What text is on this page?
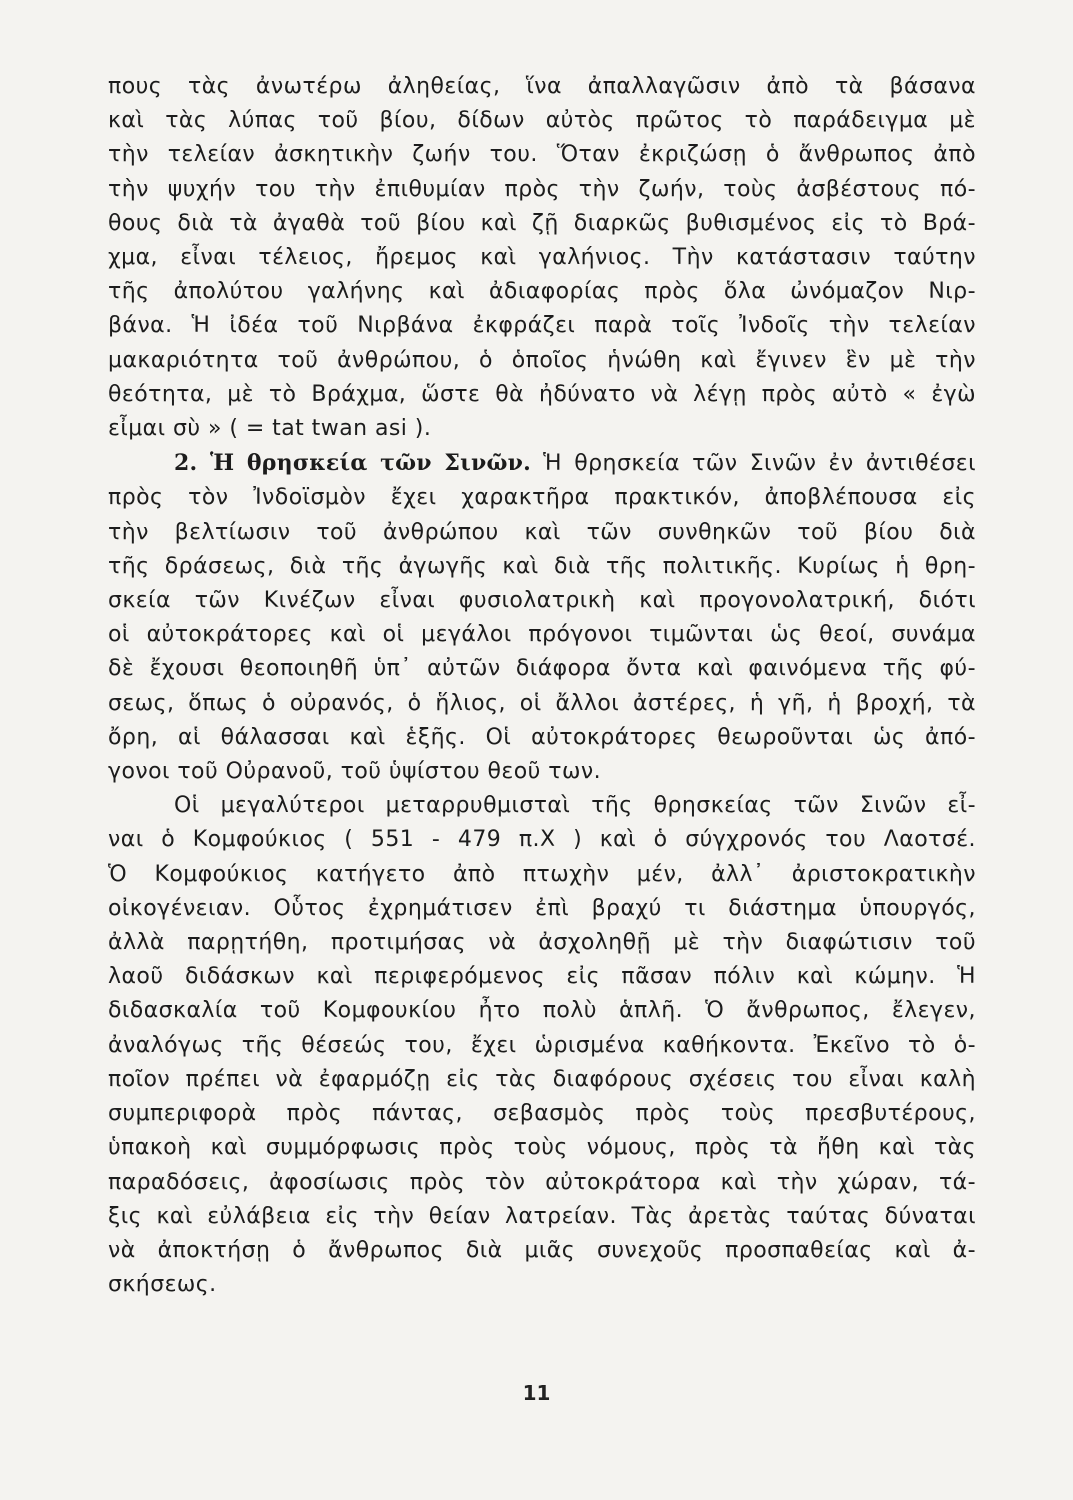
πους τὰς ἀνωτέρω ἀληθείας, ἵνα ἀπαλλαγῶσιν ἀπὸ τὰ βάσανα
καὶ τὰς λύπας τοῦ βίου, δίδων αὐτὸς πρῶτος τὸ παράδειγμα μὲ
τὴν τελείαν ἀσκητικὴν ζωήν του. Ὅταν ἐκριζώσῃ ὁ ἄνθρωπος ἀπὸ
τὴν ψυχήν του τὴν ἐπιθυμίαν πρὸς τὴν ζωήν, τοὺς ἀσβέστους πό-
θους διὰ τὰ ἀγαθὰ τοῦ βίου καὶ ζῇ διαρκῶς βυθισμένος εἰς τὸ Βρά-
χμα, εἶναι τέλειος, ἤρεμος καὶ γαλήνιος. Τὴν κατάστασιν ταύτην
τῆς ἀπολύτου γαλήνης καὶ ἀδιαφορίας πρὸς ὅλα ὠνόμαζον Νιρ-
βάνα. Ἡ ἰδέα τοῦ Νιρβάνα ἐκφράζει παρὰ τοῖς Ἰνδοῖς τὴν τελείαν
μακαριότητα τοῦ ἀνθρώπου, ὁ ὁποῖος ἡνώθη καὶ ἔγινεν ἓν μὲ τὴν
θεότητα, μὲ τὸ Βράχμα, ὥστε θὰ ἠδύνατο νὰ λέγῃ πρὸς αὐτὸ « ἐγὼ
εἶμαι σὺ » ( = tat twan asi ).
2. Ἡ θρησκεία τῶν Σινῶν. Ἡ θρησκεία τῶν Σινῶν ἐν ἀντιθέσει
πρὸς τὸν Ἰνδοϊσμὸν ἔχει χαρακτῆρα πρακτικόν, ἀποβλέπουσα εἰς
τὴν βελτίωσιν τοῦ ἀνθρώπου καὶ τῶν συνθηκῶν τοῦ βίου διὰ
τῆς δράσεως, διὰ τῆς ἀγωγῆς καὶ διὰ τῆς πολιτικῆς. Κυρίως ἡ θρη-
σκεία τῶν Κινέζων εἶναι φυσιολατρικὴ καὶ προγονολατρική, διότι
οἱ αὐτοκράτορες καὶ οἱ μεγάλοι πρόγονοι τιμῶνται ὡς θεοί, συνάμα
δὲ ἔχουσι θεοποιηθῆ ὑπ᾽ αὐτῶν διάφορα ὄντα καὶ φαινόμενα τῆς φύ-
σεως, ὅπως ὁ οὐρανός, ὁ ἥλιος, οἱ ἄλλοι ἀστέρες, ἡ γῆ, ἡ βροχή, τὰ
ὄρη, αἱ θάλασσαι καὶ ἑξῆς. Οἱ αὐτοκράτορες θεωροῦνται ὡς ἀπό-
γονοι τοῦ Οὐρανοῦ, τοῦ ὑψίστου θεοῦ των.
Οἱ μεγαλύτεροι μεταρρυθμισταὶ τῆς θρησκείας τῶν Σινῶν εἶ-
ναι ὁ Κομφούκιος ( 551 - 479 π.Χ ) καὶ ὁ σύγχρονός του Λαοτσέ.
Ὁ Κομφούκιος κατήγετο ἀπὸ πτωχὴν μέν, ἀλλ᾽ ἀριστοκρατικὴν
οἰκογένειαν. Οὗτος ἐχρημάτισεν ἐπὶ βραχύ τι διάστημα ὑπουργός,
ἀλλὰ παρῃτήθη, προτιμήσας νὰ ἀσχοληθῇ μὲ τὴν διαφώτισιν τοῦ
λαοῦ διδάσκων καὶ περιφερόμενος εἰς πᾶσαν πόλιν καὶ κώμην. Ἡ
διδασκαλία τοῦ Κομφουκίου ἦτο πολὺ ἁπλῆ. Ὁ ἄνθρωπος, ἔλεγεν,
ἀναλόγως τῆς θέσεώς του, ἔχει ὡρισμένα καθήκοντα. Ἐκεῖνο τὸ ὁ-
ποῖον πρέπει νὰ ἐφαρμόζῃ εἰς τὰς διαφόρους σχέσεις του εἶναι καλὴ
συμπεριφορὰ πρὸς πάντας, σεβασμὸς πρὸς τοὺς πρεσβυτέρους,
ὑπακοὴ καὶ συμμόρφωσις πρὸς τοὺς νόμους, πρὸς τὰ ἤθη καὶ τὰς
παραδόσεις, ἀφοσίωσις πρὸς τὸν αὐτοκράτορα καὶ τὴν χώραν, τά-
ξις καὶ εὐλάβεια εἰς τὴν θείαν λατρείαν. Τὰς ἀρετὰς ταύτας δύναται
νὰ ἀποκτήσῃ ὁ ἄνθρωπος διὰ μιᾶς συνεχοῦς προσπαθείας καὶ ἀ-
σκήσεως.
11
